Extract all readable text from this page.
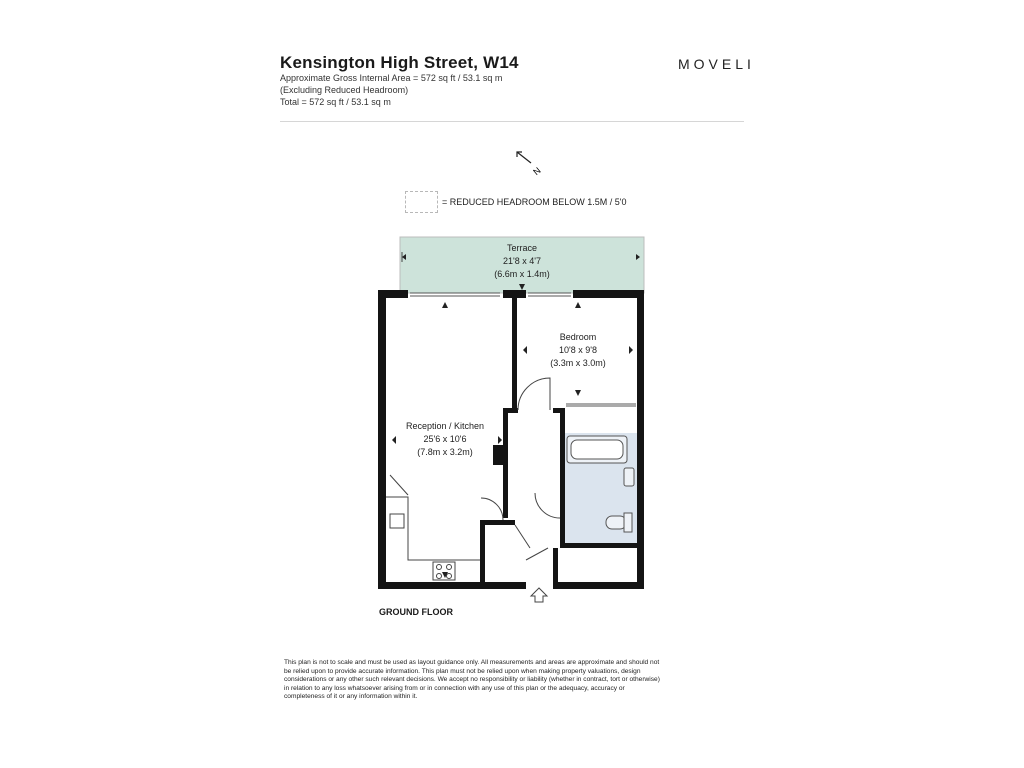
Kensington High Street, W14
Approximate Gross Internal Area = 572 sq ft / 53.1 sq m
(Excluding Reduced Headroom)
Total = 572 sq ft / 53.1 sq m
MOVELI
= REDUCED HEADROOM BELOW 1.5M / 5'0
N
Terrace
21'8 x 4'7
(6.6m x 1.4m)
Bedroom
10'8 x 9'8
(3.3m x 3.0m)
Reception / Kitchen
25'6 x 10'6
(7.8m x 3.2m)
GROUND FLOOR
This plan is not to scale and must be used as layout guidance only. All measurements and areas are approximate and should not be relied upon to provide accurate information. This plan must not be relied upon when making property valuations, design considerations or any other such relevant decisions. We accept no responsibility or liability (whether in contract, tort or otherwise) in relation to any loss whatsoever arising from or in connection with any use of this plan or the adequacy, accuracy or completeness of it or any information within it.
